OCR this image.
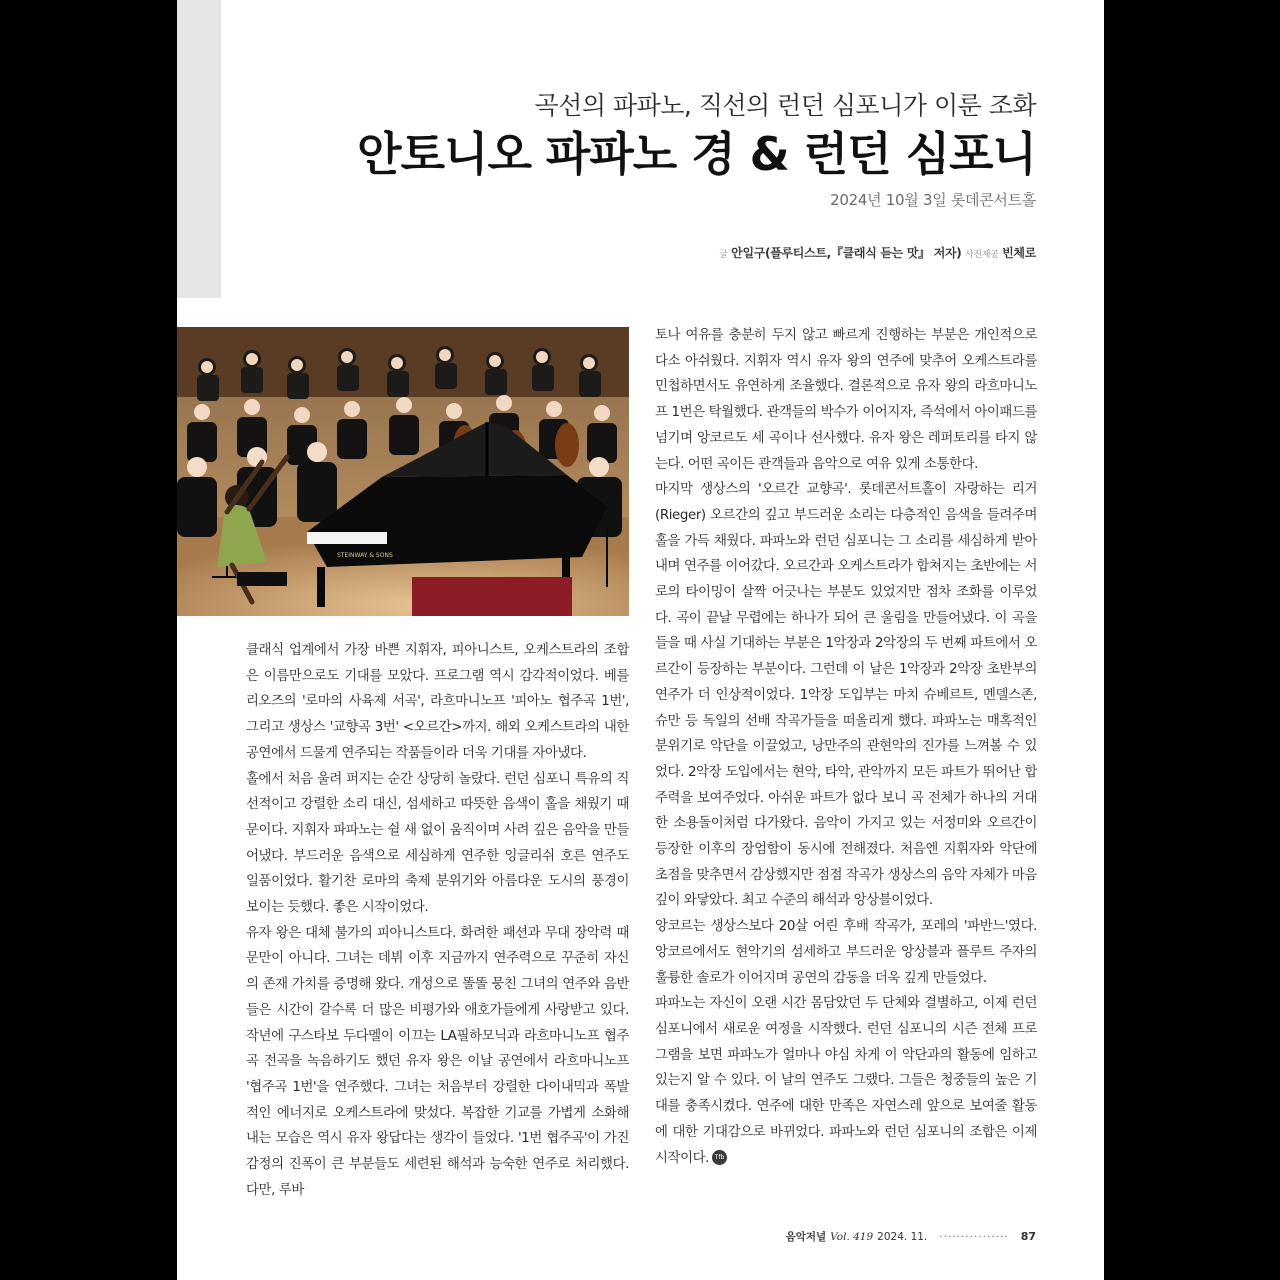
곡선의 파파노, 직선의 런던 심포니가 이룬 조화
안토니오 파파노 경 & 런던 심포니
2024년 10월 3일 롯데콘서트홀
글 안일구(플루티스트,『클래식 듣는 맛』 저자) 사진제공 빈체로
STEINWAY & SONS

클래식 업계에서 가장 바쁜 지휘자, 피아니스트, 오케스트라의 조합은 이름만으로도 기대를 모았다. 프로그램 역시 감각적이었다. 베를리오즈의 '로마의 사육제 서곡', 라흐마니노프 '피아노 협주곡 1번', 그리고 생상스 '교향곡 3번' <오르간>까지. 해외 오케스트라의 내한 공연에서 드물게 연주되는 작품들이라 더욱 기대를 자아냈다.

홀에서 처음 울려 퍼지는 순간 상당히 놀랐다. 런던 심포니 특유의 직선적이고 강렬한 소리 대신, 섬세하고 따뜻한 음색이 홀을 채웠기 때문이다. 지휘자 파파노는 쉴 새 없이 움직이며 사려 깊은 음악을 만들어냈다. 부드러운 음색으로 세심하게 연주한 잉글리쉬 호른 연주도 일품이었다. 활기찬 로마의 축제 분위기와 아름다운 도시의 풍경이 보이는 듯했다. 좋은 시작이었다.

유자 왕은 대체 불가의 피아니스트다. 화려한 패션과 무대 장악력 때문만이 아니다. 그녀는 데뷔 이후 지금까지 연주력으로 꾸준히 자신의 존재 가치를 증명해 왔다. 개성으로 똘똘 뭉친 그녀의 연주와 음반들은 시간이 갈수록 더 많은 비평가와 애호가들에게 사랑받고 있다. 작년에 구스타보 두다멜이 이끄는 LA필하모닉과 라흐마니노프 협주곡 전곡을 녹음하기도 했던 유자 왕은 이날 공연에서 라흐마니노프 '협주곡 1번'을 연주했다. 그녀는 처음부터 강렬한 다이내믹과 폭발적인 에너지로 오케스트라에 맞섰다. 복잡한 기교를 가볍게 소화해 내는 모습은 역시 유자 왕답다는 생각이 들었다. '1번 협주곡'이 가진 감정의 진폭이 큰 부분들도 세련된 해석과 능숙한 연주로 처리했다. 다만, 루바

토나 여유를 충분히 두지 않고 빠르게 진행하는 부분은 개인적으로 다소 아쉬웠다. 지휘자 역시 유자 왕의 연주에 맞추어 오케스트라를 민첩하면서도 유연하게 조율했다. 결론적으로 유자 왕의 라흐마니노프 1번은 탁월했다. 관객들의 박수가 이어지자, 즉석에서 아이패드를 넘기며 앙코르도 세 곡이나 선사했다. 유자 왕은 레퍼토리를 타지 않는다. 어떤 곡이든 관객들과 음악으로 여유 있게 소통한다.

마지막 생상스의 '오르간 교향곡'. 롯데콘서트홀이 자랑하는 리거(Rieger) 오르간의 깊고 부드러운 소리는 다층적인 음색을 들려주며 홀을 가득 채웠다. 파파노와 런던 심포니는 그 소리를 세심하게 받아내며 연주를 이어갔다. 오르간과 오케스트라가 합쳐지는 초반에는 서로의 타이밍이 살짝 어긋나는 부분도 있었지만 점차 조화를 이루었다. 곡이 끝날 무렵에는 하나가 되어 큰 울림을 만들어냈다. 이 곡을 들을 때 사실 기대하는 부분은 1악장과 2악장의 두 번째 파트에서 오르간이 등장하는 부분이다. 그런데 이 날은 1악장과 2악장 초반부의 연주가 더 인상적이었다. 1악장 도입부는 마치 슈베르트, 멘델스존, 슈만 등 독일의 선배 작곡가들을 떠올리게 했다. 파파노는 매혹적인 분위기로 악단을 이끌었고, 낭만주의 관현악의 진가를 느껴볼 수 있었다. 2악장 도입에서는 현악, 타악, 관악까지 모든 파트가 뛰어난 합주력을 보여주었다. 아쉬운 파트가 없다 보니 곡 전체가 하나의 거대한 소용돌이처럼 다가왔다. 음악이 가지고 있는 서정미와 오르간이 등장한 이후의 장엄함이 동시에 전해졌다. 처음엔 지휘자와 악단에 초점을 맞추면서 감상했지만 점점 작곡가 생상스의 음악 자체가 마음 깊이 와닿았다. 최고 수준의 해석과 앙상블이었다.

앙코르는 생상스보다 20살 어린 후배 작곡가, 포레의 '파반느'였다. 앙코르에서도 현악기의 섬세하고 부드러운 앙상블과 플루트 주자의 훌륭한 솔로가 이어지며 공연의 감동을 더욱 깊게 만들었다.

파파노는 자신이 오랜 시간 몸담았던 두 단체와 결별하고, 이제 런던 심포니에서 새로운 여정을 시작했다. 런던 심포니의 시즌 전체 프로그램을 보면 파파노가 얼마나 야심 차게 이 악단과의 활동에 임하고 있는지 알 수 있다. 이 날의 연주도 그랬다. 그들은 청중들의 높은 기대를 충족시켰다. 연주에 대한 만족은 자연스레 앞으로 보여줄 활동에 대한 기대감으로 바뀌었다. 파파노와 런던 심포니의 조합은 이제 시작이다. Tfb

음악저널 Vol. 419 2024. 11. ················ 87
